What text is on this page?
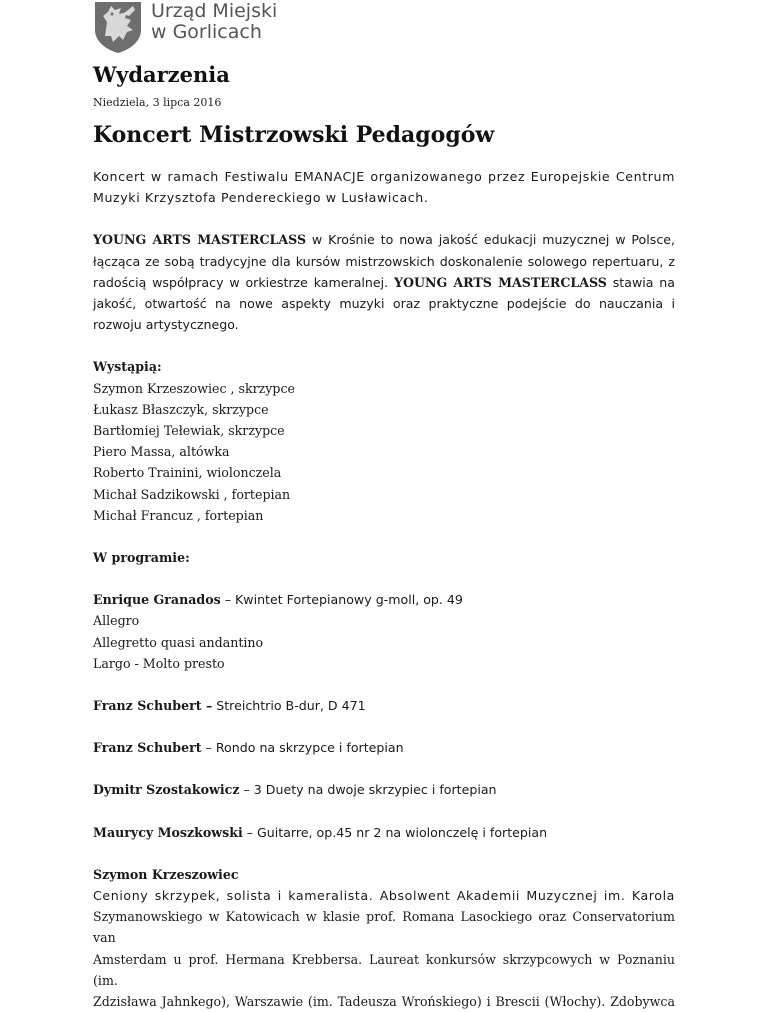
Urząd Miejski
w Gorlicach
Wydarzenia
Niedziela, 3 lipca 2016
Koncert Mistrzowski Pedagogów

Koncert w ramach Festiwalu EMANACJE organizowanego przez Europejskie Centrum Muzyki Krzysztofa Pendereckiego w Lusławicach.

YOUNG ARTS MASTERCLASS w Krośnie to nowa jakość edukacji muzycznej w Polsce, łącząca ze sobą tradycyjne dla kursów mistrzowskich doskonalenie solowego repertuaru, z radością współpracy w orkiestrze kameralnej. YOUNG ARTS MASTERCLASS stawia na jakość, otwartość na nowe aspekty muzyki oraz praktyczne podejście do nauczania i rozwoju artystycznego.

Wystąpią:
Szymon Krzeszowiec , skrzypce
Łukasz Błaszczyk, skrzypce
Bartłomiej Tełewiak, skrzypce
Piero Massa, altówka
Roberto Trainini, wiolonczela
Michał Sadzikowski , fortepian
Michał Francuz , fortepian
W programie:
Enrique Granados – Kwintet Fortepianowy g-moll, op. 49
Allegro
Allegretto quasi andantino
Largo - Molto presto
Franz Schubert – Streichtrio B-dur, D 471
Franz Schubert – Rondo na skrzypce i fortepian
Dymitr Szostakowicz – 3 Duety na dwoje skrzypiec i fortepian
Maurycy Moszkowski – Guitarre, op.45 nr 2 na wiolonczelę i fortepian
Szymon Krzeszowiec
Ceniony skrzypek, solista i kameralista. Absolwent Akademii Muzycznej im. Karola
Szymanowskiego w Katowicach w klasie prof. Romana Lasockiego oraz Conservatorium van
Amsterdam u prof. Hermana Krebbersa. Laureat konkursów skrzypcowych w Poznaniu (im.
Zdzisława Jahnkego), Warszawie (im. Tadeusza Wrońskiego) i Brescii (Włochy). Zdobywca
